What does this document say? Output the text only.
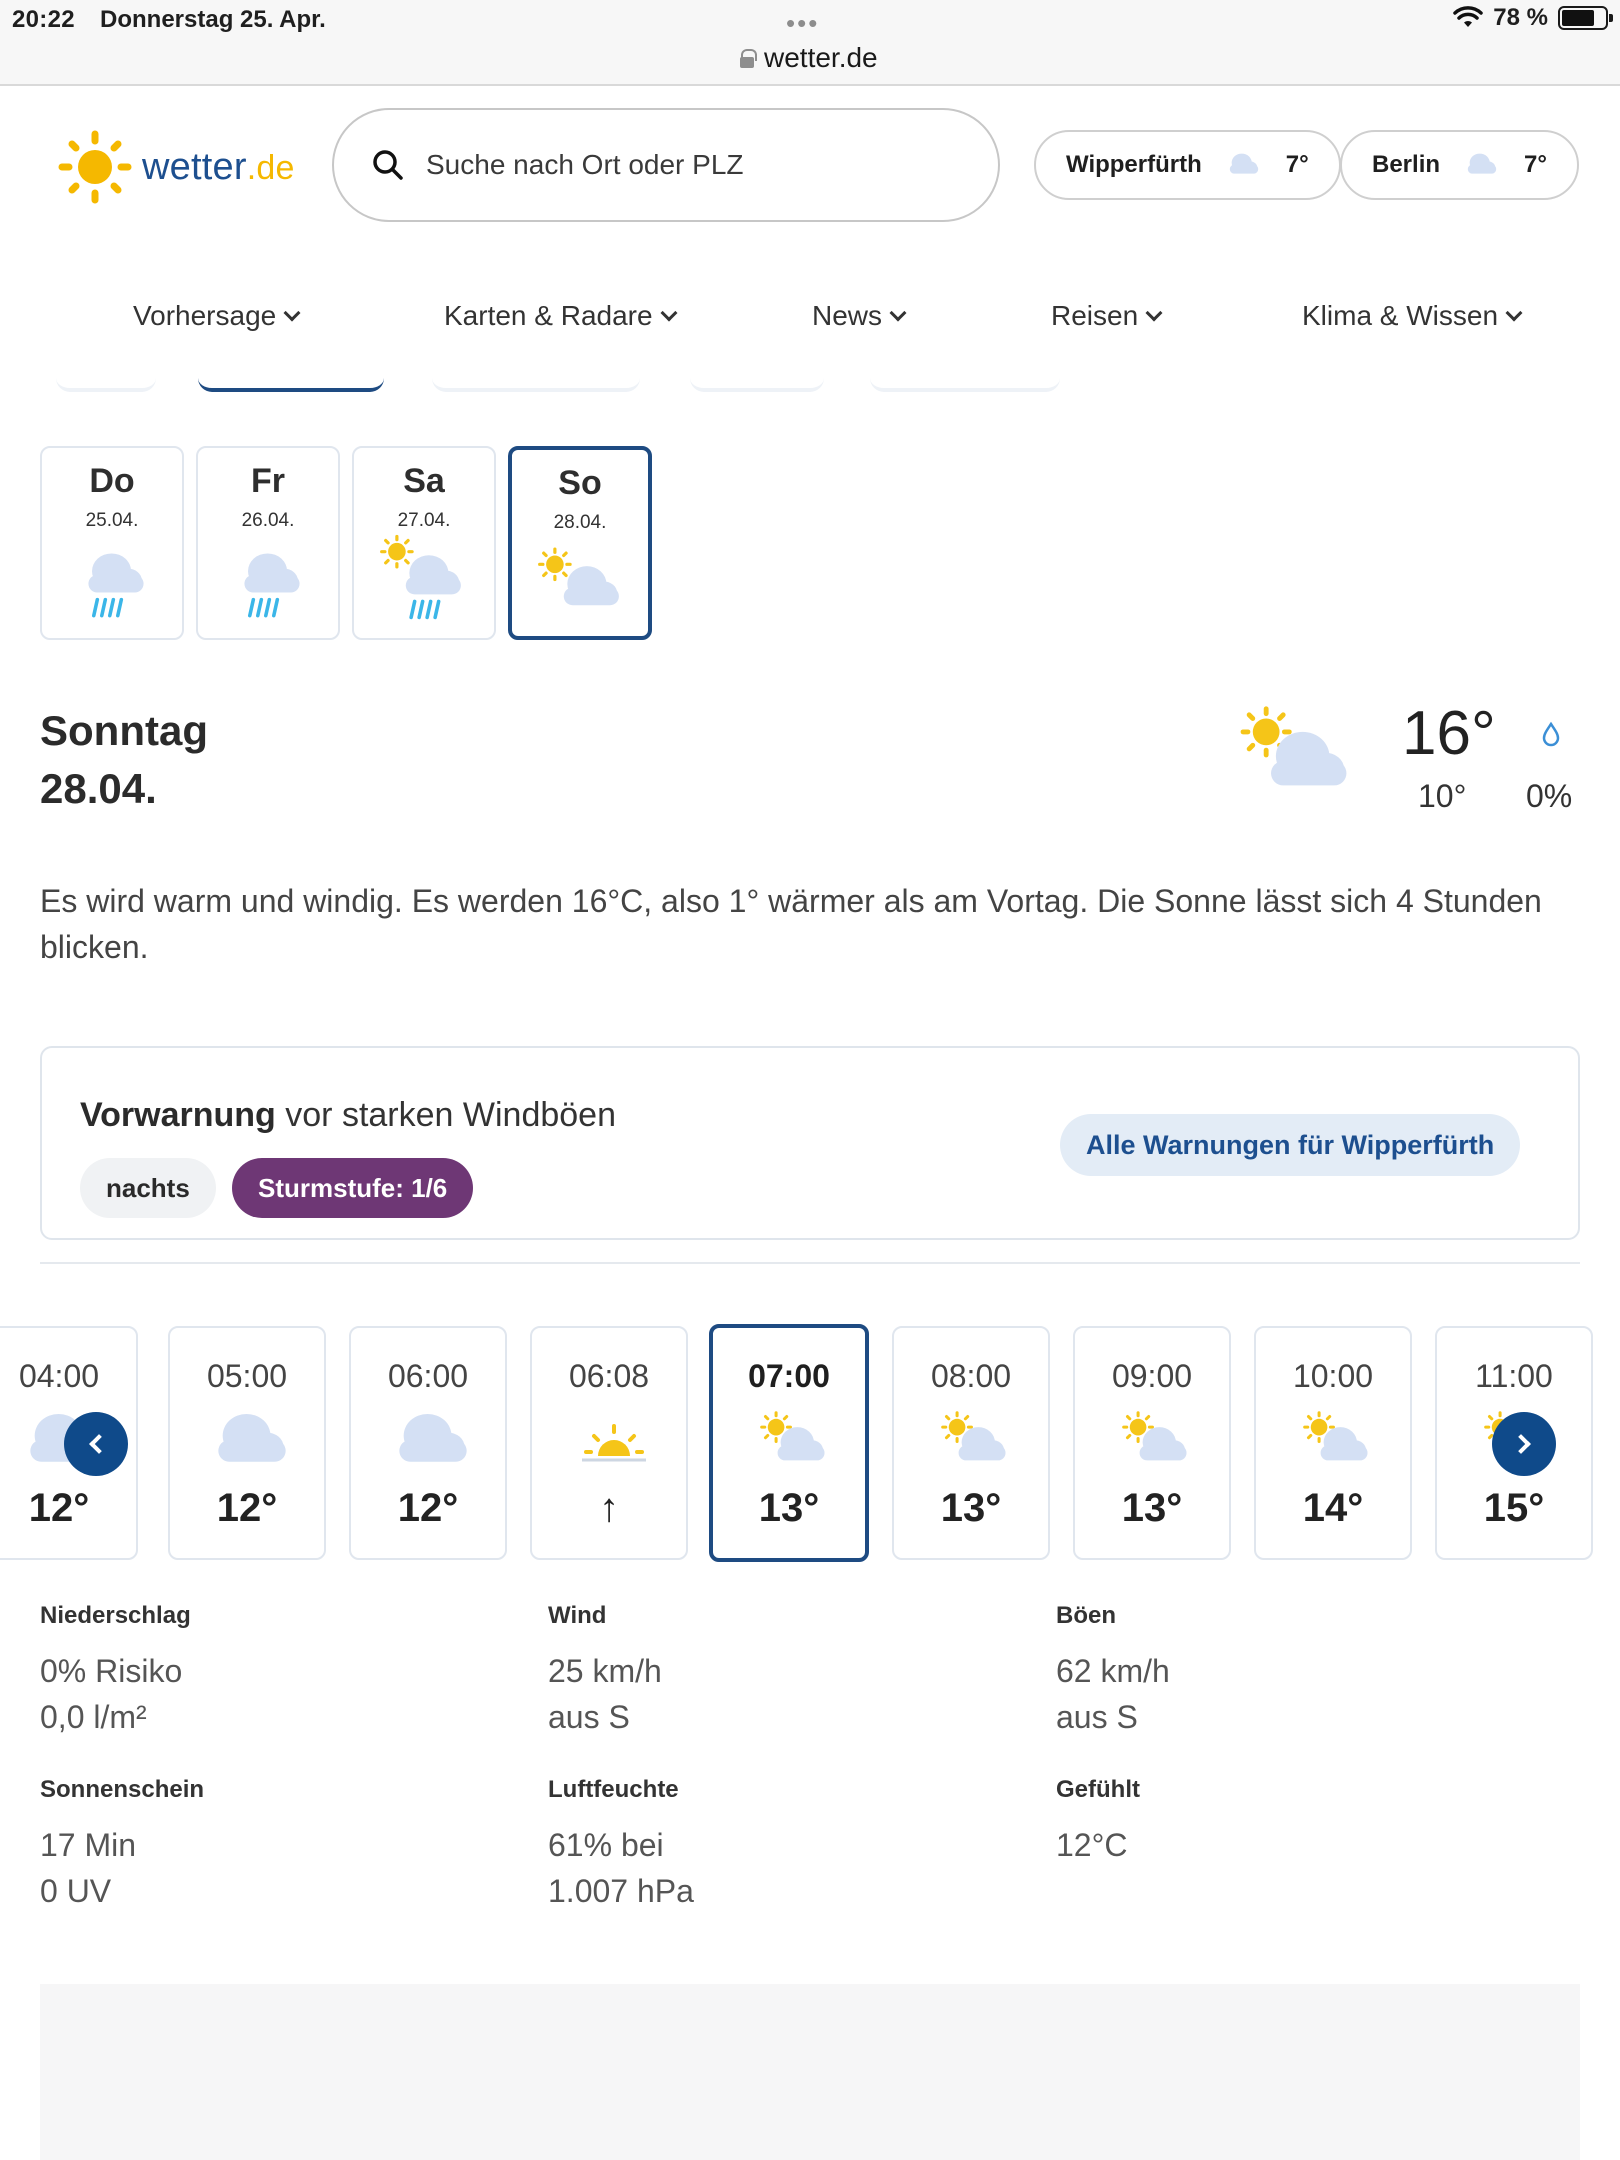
20:22 Donnerstag 25. Apr.	•••
wetter.de
78 %
wetter.de	Suche nach Ort oder PLZ	Wipperfürth	7°	Berlin	7°
Vorhersage	Karten & Radare	News	Reisen	Klima & Wissen
Do
25.04.
Fr
26.04.
Sa
27.04.
So
28.04.
Sonntag
28.04.
16°
10° 0%
Es wird warm und windig. Es werden 16°C, also 1° wärmer als am Vortag. Die Sonne lässt sich 4 Stunden blicken.
Vorwarnung vor starken Windböen
nachts	Sturmstufe: 1/6
Alle Warnungen für Wipperfürth
04:00
12°
05:00
12°
06:00
12°
06:08
↑
07:00
13°
08:00
13°
09:00
13°
10:00
14°
11:00
15°
Niederschlag
0% Risiko
0,0 l/m²
Wind
25 km/h
aus S
Böen
62 km/h
aus S
Sonnenschein
17 Min
0 UV
Luftfeuchte
61% bei
1.007 hPa
Gefühlt
12°C
